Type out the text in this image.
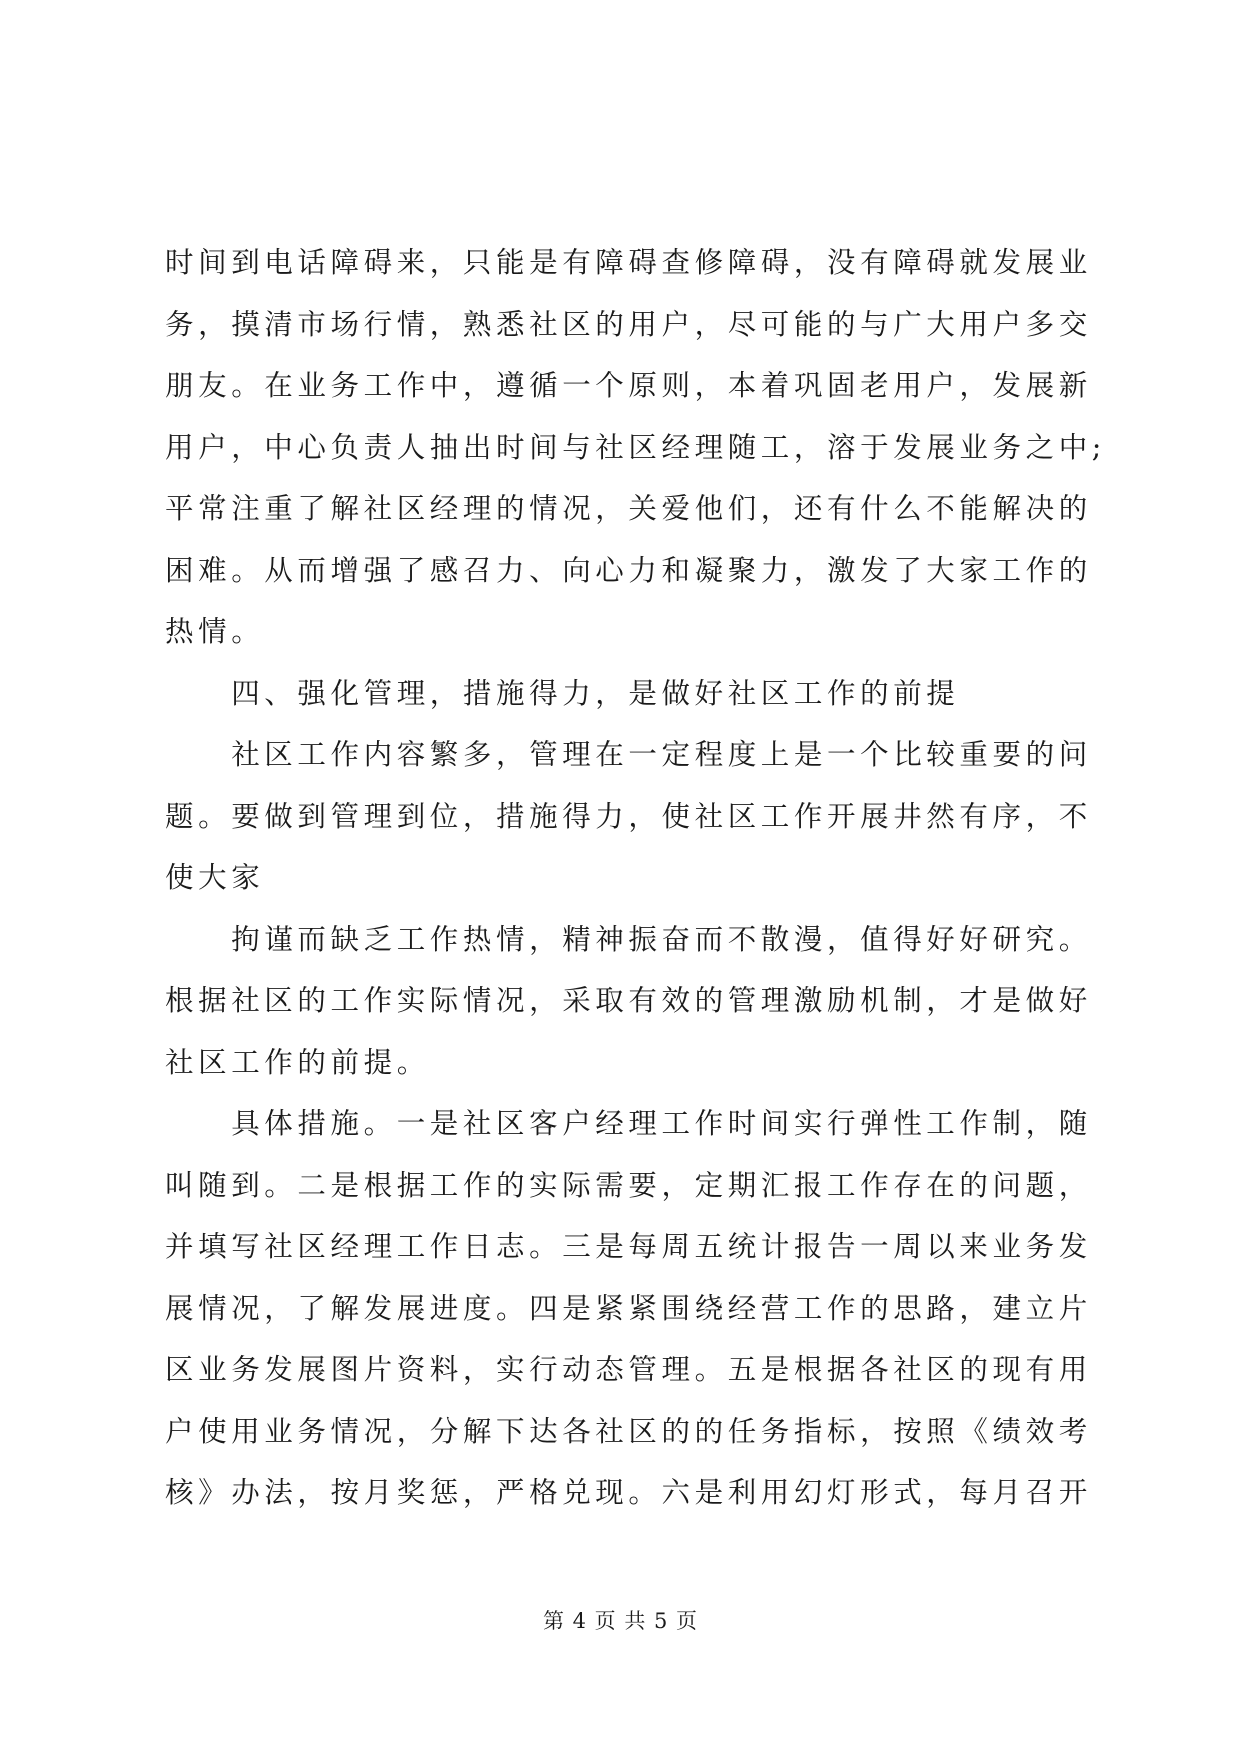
时间到电话障碍来，只能是有障碍查修障碍，没有障碍就发展业
务，摸清市场行情，熟悉社区的用户，尽可能的与广大用户多交
朋友。在业务工作中，遵循一个原则，本着巩固老用户，发展新
用户，中心负责人抽出时间与社区经理随工，溶于发展业务之中;
平常注重了解社区经理的情况，关爱他们，还有什么不能解决的
困难。从而增强了感召力、向心力和凝聚力，激发了大家工作的
热情。
　　四、强化管理，措施得力，是做好社区工作的前提
　　社区工作内容繁多，管理在一定程度上是一个比较重要的问
题。要做到管理到位，措施得力，使社区工作开展井然有序，不
使大家
　　拘谨而缺乏工作热情，精神振奋而不散漫，值得好好研究。
根据社区的工作实际情况，采取有效的管理激励机制，才是做好
社区工作的前提。
　　具体措施。一是社区客户经理工作时间实行弹性工作制，随
叫随到。二是根据工作的实际需要，定期汇报工作存在的问题，
并填写社区经理工作日志。三是每周五统计报告一周以来业务发
展情况，了解发展进度。四是紧紧围绕经营工作的思路，建立片
区业务发展图片资料，实行动态管理。五是根据各社区的现有用
户使用业务情况，分解下达各社区的的任务指标，按照《绩效考
核》办法，按月奖惩，严格兑现。六是利用幻灯形式，每月召开
第 4 页 共 5 页
